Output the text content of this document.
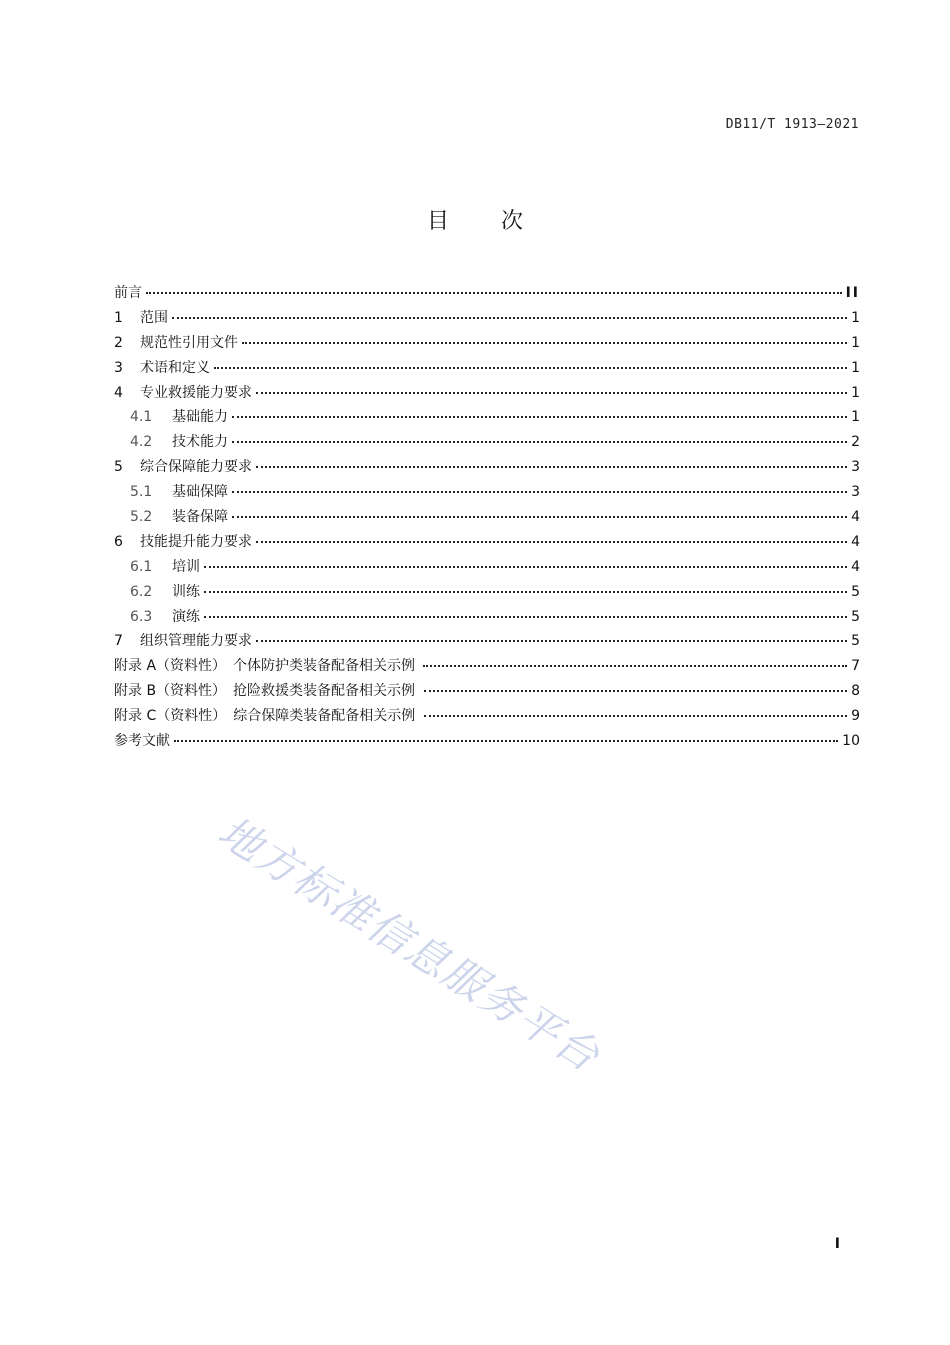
DB11/T 1913—2021
目次
前言	II
1	范围	1
2	规范性引用文件	1
3	术语和定义	1
4	专业救援能力要求	1
4.1	基础能力	1
4.2	技术能力	2
5	综合保障能力要求	3
5.1	基础保障	3
5.2	装备保障	4
6	技能提升能力要求	4
6.1	培训	4
6.2	训练	5
6.3	演练	5
7	组织管理能力要求	5
附录 A（资料性）　个体防护类装备配备相关示例	7
附录 B（资料性）　抢险救援类装备配备相关示例	8
附录 C（资料性）　综合保障类装备配备相关示例	9
参考文献	10
地方标准信息服务平台
I
